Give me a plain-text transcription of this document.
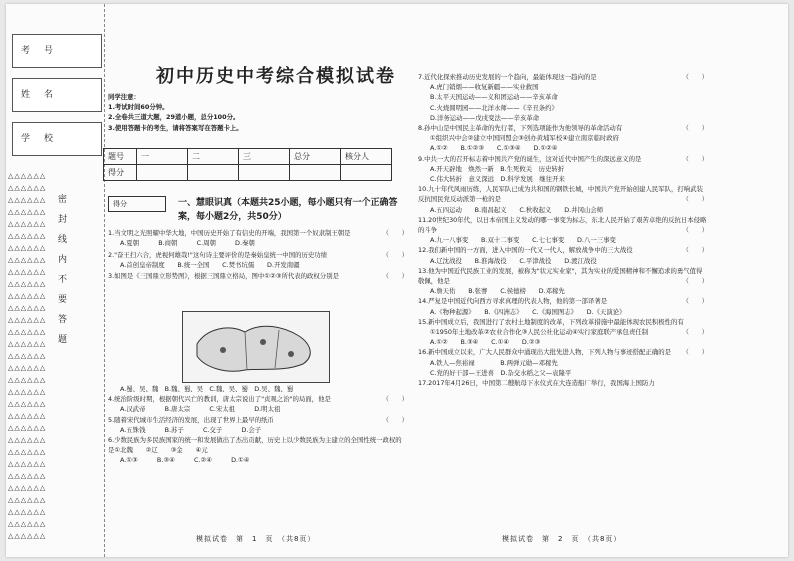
考号
姓名
学校
△△△△△△
△△△△△△
△△△△△△
△△△△△△
△△△△△△
△△△△△△
△△△△△△
△△△△△△
△△△△△△
△△△△△△
△△△△△△
△△△△△△
△△△△△△
△△△△△△
△△△△△△
△△△△△△
△△△△△△
△△△△△△
△△△△△△
△△△△△△
△△△△△△
△△△△△△
△△△△△△
△△△△△△
△△△△△△
△△△△△△
△△△△△△
△△△△△△
△△△△△△
△△△△△△
△△△△△△
密封线内不要答题
初中历史中考综合模拟试卷
同学注意：
1.考试时间60分钟。
2.全卷共三道大题，29道小题，总分100分。
3.使用答题卡的考生，请将答案写在答题卡上。
题号	一	二	三	总分	核分人
得分					
得分	一、慧眼识真（本题共25小题，每小题只有一个正确答案，每小题2分，共50分）
1.当文明之光照耀中华大地，中国历史开始了有信史的开端，我国第一个奴隶制王朝是	（　　）
A.夏朝　　　B.商朝　　　C.周朝　　　D.秦朝
2."奋王扫六合，虎视何雄哉!"这句诗主要评价的是秦始皇统一中国的历史功绩	（　　）
A.首创皇帝制度　　B.统一全国　　C.焚书坑儒　　D.开发南疆
3.如图是《三国鼎立形势图》，根据三国鼎立格局，图中①②③所代表的政权分别是	（　　）
A.蜀、吴、魏　B.魏、蜀、吴　C.魏、吴、蜀　D.吴、魏、蜀
4.统治阶级时期，根据朝代兴亡的教训，唐太宗说出了"贞观之治"的局面，他是	（　　）
A.汉武帝　　　B.唐太宗　　　C.宋太祖　　　D.明太祖
5.随着宋代城市生活经济的发展，出现了世界上最早的纸币	（　　）
A.五铢钱　　　B.苏子　　　C.交子　　　D.会子
6.少数民族为多民族国家的统一和发展做出了杰出贡献，历史上以少数民族为主建立的全国性统一政权的是①北魏　　②辽　　③金　　④元
A.①③　　　B.③④　　　C.②④　　　D.①④
模拟试卷　第　1　页　（共8页）
7.近代化探索推动历史发展的一个趋向，最能体现这一趋向的是	（　　）
A.虎门销烟——收复新疆——实业救国
B.太平天国运动——义和团运动——辛亥革命
C.火烧圆明园——北洋水师——《辛丑条约》
D.洋务运动——戊戌变法——辛亥革命
8.孙中山是中国民主革命的先行者，下列选项能作为他领导的革命活动有	（　　）
①组织兴中会②建立中国同盟会③创办黄埔军校④建立南京临时政府
A.①②　　B.①②③　　C.①③④　　D.①②④
9.中共一大的召开标志着中国共产党的诞生，这对近代中国产生的深远意义的是	（　　）
A.开天辟地　焕然一新　B.生死攸关　历史转折
C.伟大转折　意义深远　D.科学发展　继往开来
10.九十年代风雨历练，人民军队已成为共和国的钢铁长城，中国共产党开始创建人民军队，打响武装反抗国民党反动派第一枪的是	（　　）
A.五四运动　　B.南昌起义　　C.秋收起义　　D.井冈山会师
11.20世纪30年代，以日本帝国主义发动的哪一事变为标志，东北人民开始了艰苦卓绝的反抗日本侵略的斗争	（　　）
A.九一八事变　　B.双十二事变　　C.七七事变　　D.八一三事变
12.我们新中国的一方面，进入中国的一代又一代人，解放战争中的三大战役	（　　）
A.辽沈战役　　B.淮海战役　　C.平津战役　　D.渡江战役
13.他为中国近代民族工业的发展，被称为"状元实业家"，其为实业的爱国精神和不懈追求的勇气值得敬佩，他是	（　　）
A.詹天佑　　B.张謇　　C.侯德榜　　D.邓稼先
14.严复是中国近代向西方寻求真理的代表人物，他的第一部译著是	（　　）
A.《物种起源》　　B.《四洲志》　　C.《海国图志》　　D.《天演论》
15.新中国成立后，我国进行了农村土地制度的改革，下列改革措施中最能体现农民积极性的有
（　　）
①1950年土地改革②农业合作化③人民公社化运动④实行家庭联产承包责任制
A.①②　　B.③④　　C.①④　　D.②③
16.新中国成立以来，广大人民群众中涌现出大批先进人物，下列人物与事迹搭配正确的是 （　　）
A.铁人—焦裕禄　　　　B.两弹元勋—邓稼先
C.党的好干部—王进喜　D.杂交水稻之父—袁隆平
17.2017年4月26日，中国第二艘航母下水仪式在大连造船厂举行，我国海上国防力
模拟试卷　第　2　页　（共8页）
